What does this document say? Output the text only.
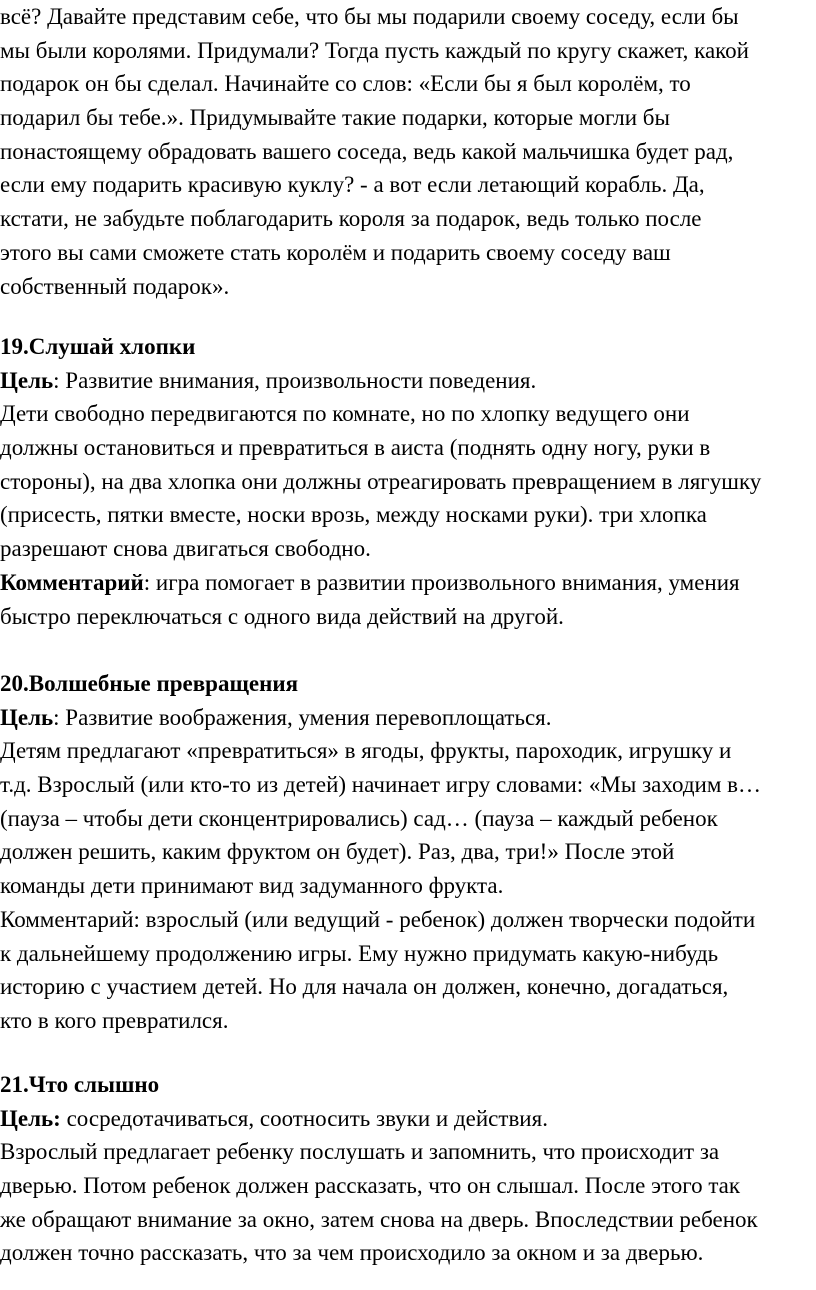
всё? Давайте представим себе, что бы мы подарили своему соседу, если бы
мы были королями. Придумали? Тогда пусть каждый по кругу скажет, какой
подарок он бы сделал. Начинайте со слов: «Если бы я был королём, то
подарил бы тебе.». Придумывайте такие подарки, которые могли бы
понастоящему обрадовать вашего соседа, ведь какой мальчишка будет рад,
если ему подарить красивую куклу? - а вот если летающий корабль. Да,
кстати, не забудьте поблагодарить короля за подарок, ведь только после
этого вы сами сможете стать королём и подарить своему соседу ваш
собственный подарок».
19.Слушай хлопки
Цель: Развитие внимания, произвольности поведения.
Дети свободно передвигаются по комнате, но по хлопку ведущего они
должны остановиться и превратиться в аиста (поднять одну ногу, руки в
стороны), на два хлопка они должны отреагировать превращением в лягушку
(присесть, пятки вместе, носки врозь, между носками руки). три хлопка
разрешают снова двигаться свободно.
Комментарий: игра помогает в развитии произвольного внимания, умения
быстро переключаться с одного вида действий на другой.
20.Волшебные превращения
Цель: Развитие воображения, умения перевоплощаться.
Детям предлагают «превратиться» в ягоды, фрукты, пароходик, игрушку и
т.д. Взрослый (или кто-то из детей) начинает игру словами: «Мы заходим в…
(пауза – чтобы дети сконцентрировались) сад… (пауза – каждый ребенок
должен решить, каким фруктом он будет). Раз, два, три!» После этой
команды дети принимают вид задуманного фрукта.
Комментарий: взрослый (или ведущий - ребенок) должен творчески подойти
к дальнейшему продолжению игры. Ему нужно придумать какую-нибудь
историю с участием детей. Но для начала он должен, конечно, догадаться,
кто в кого превратился.
21.Что слышно
Цель: сосредотачиваться, соотносить звуки и действия.
Взрослый предлагает ребенку послушать и запомнить, что происходит за
дверью. Потом ребенок должен рассказать, что он слышал. После этого так
же обращают внимание за окно, затем снова на дверь. Впоследствии ребенок
должен точно рассказать, что за чем происходило за окном и за дверью.
